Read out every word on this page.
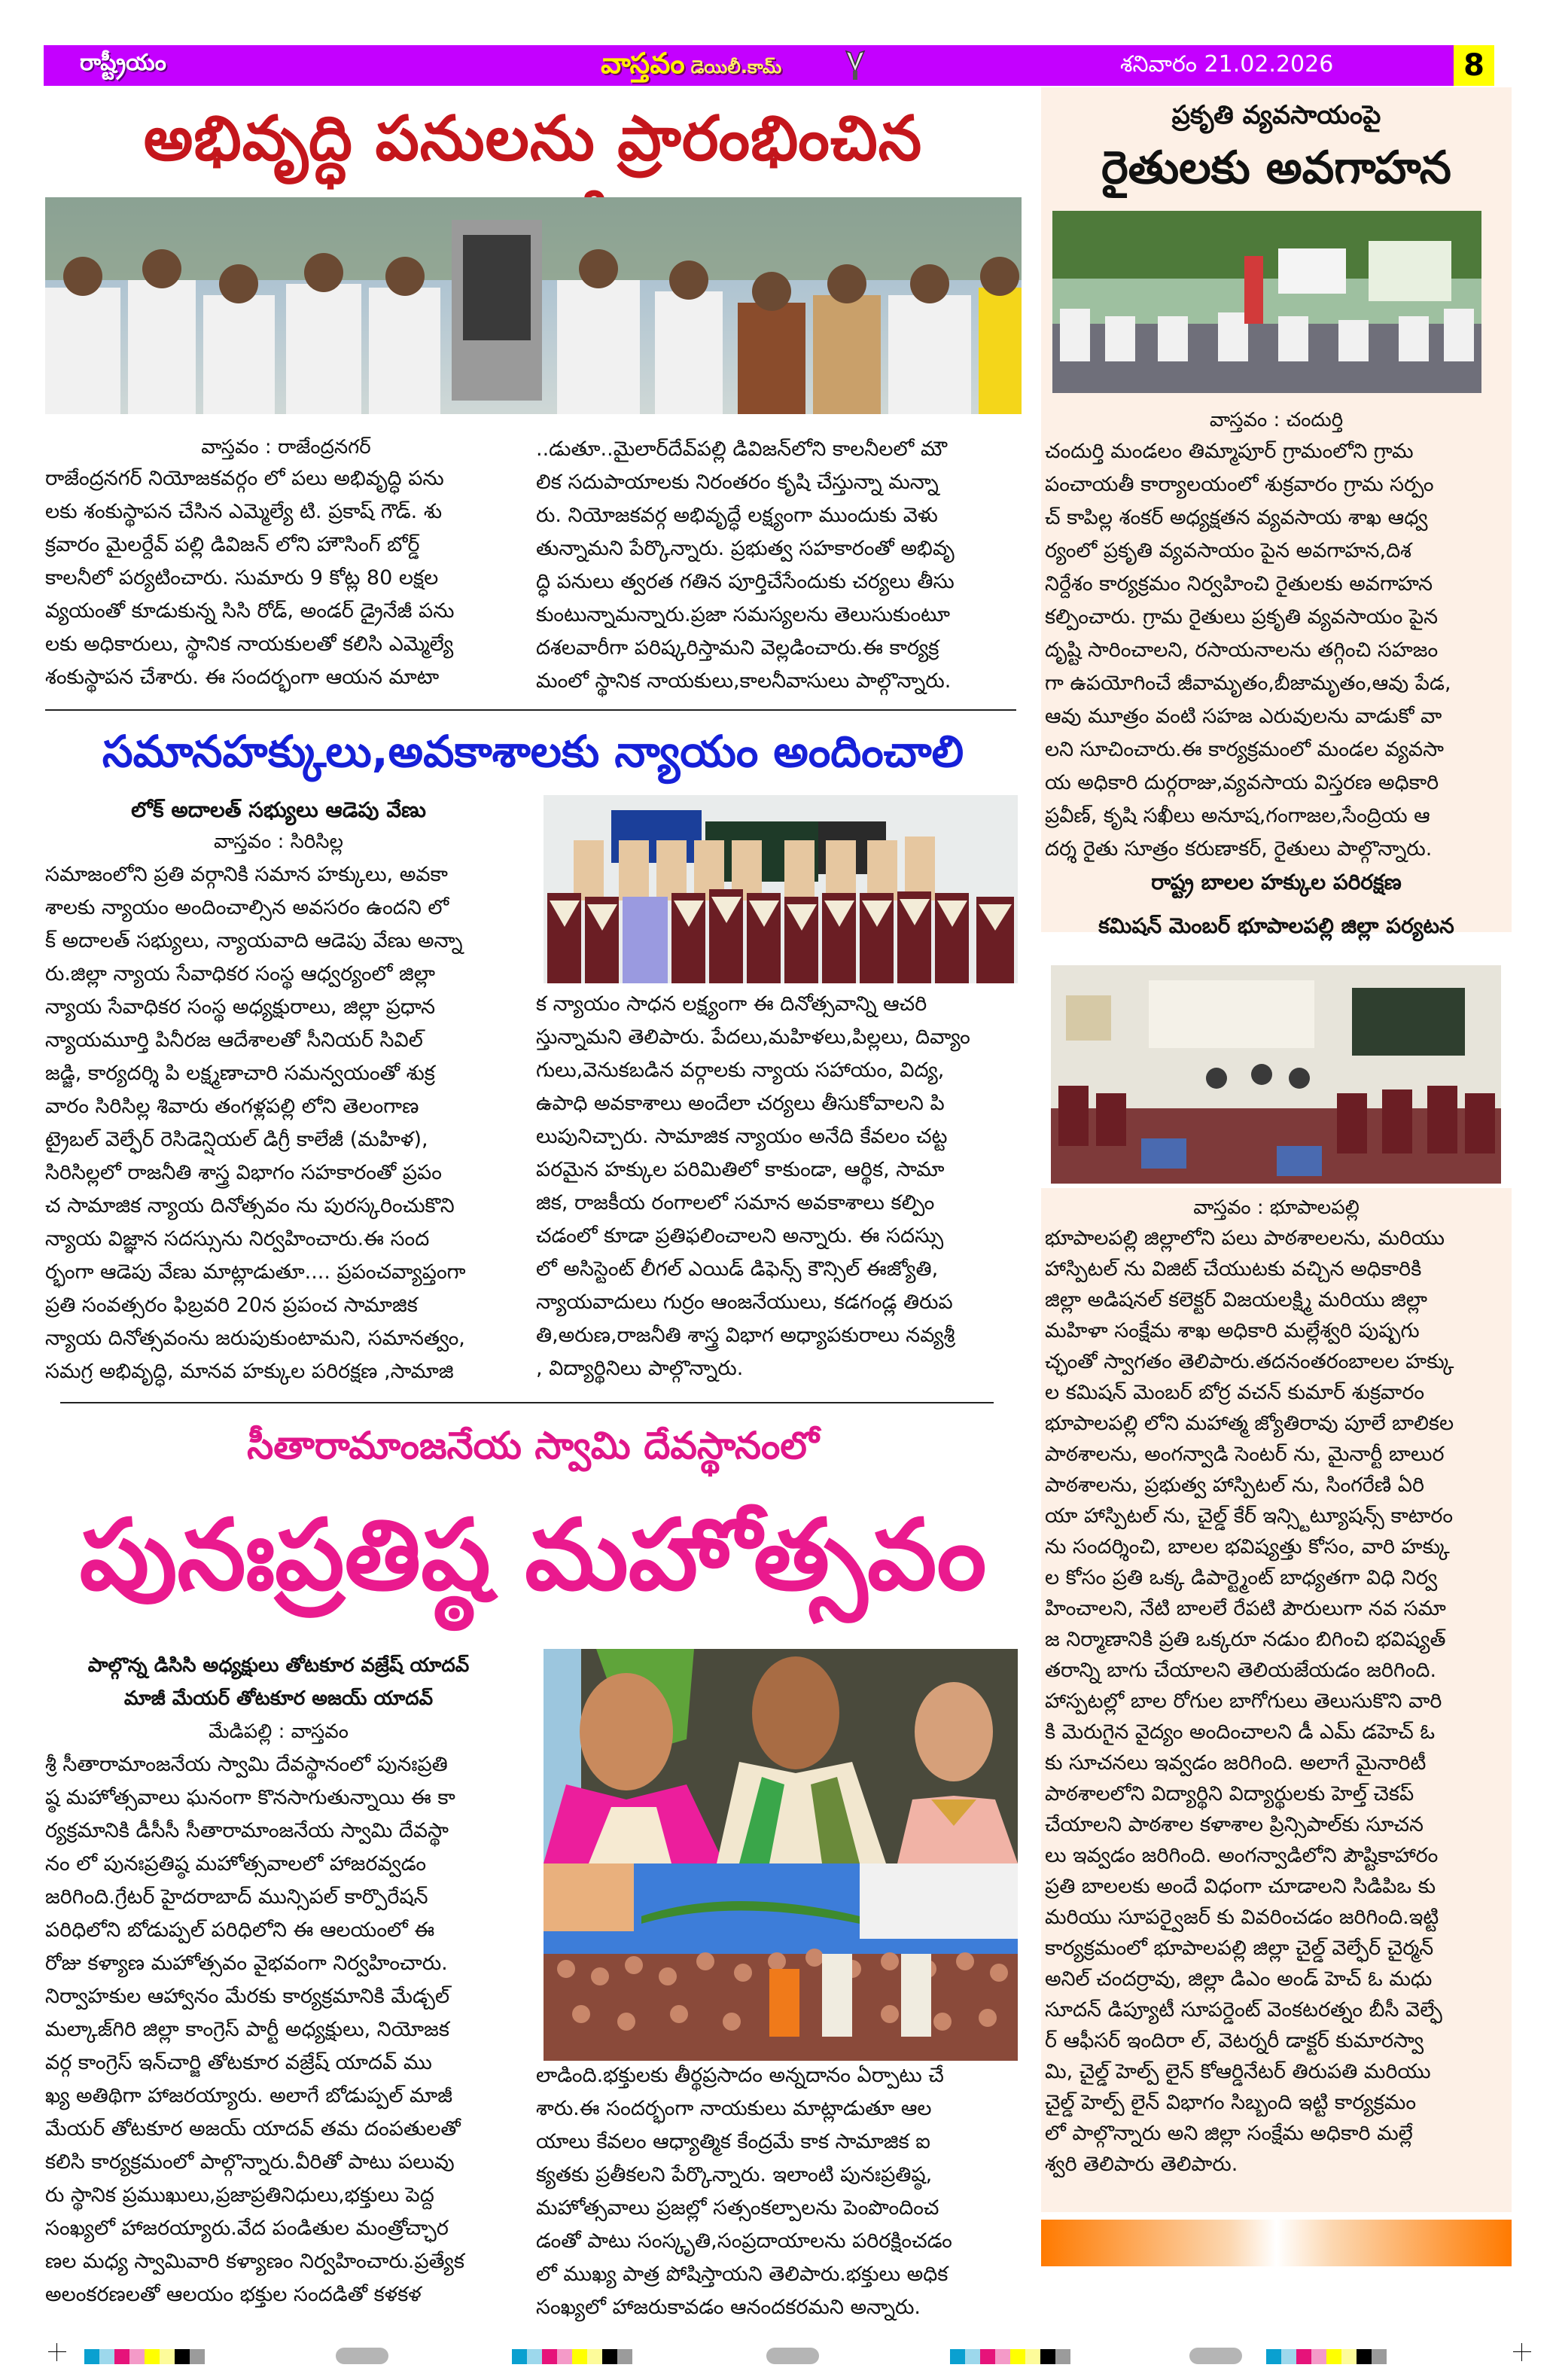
రాష్ట్రీయం	వాస్తవం డెయిలీ.కామ్	శనివారం 21.02.2026	8
అభివృద్ధి పనులను ప్రారంభించిన
వాస్తవం : రాజేంద్రనగర్
రాజేంద్రనగర్ నియోజకవర్గం లో పలు అభివృద్ధి పను
లకు శంకుస్థాపన చేసిన ఎమ్మెల్యే టి. ప్రకాష్ గౌడ్. శు
క్రవారం మైలర్దేవ్ పల్లి డివిజన్ లోని హౌసింగ్ బోర్డ్
కాలనీలో పర్యటించారు. సుమారు 9 కోట్ల 80 లక్షల
వ్యయంతో కూడుకున్న సిసి రోడ్, అండర్ డ్రైనేజీ పను
లకు అధికారులు, స్థానిక నాయకులతో కలిసి ఎమ్మెల్యే
శంకుస్థాపన చేశారు. ఈ సందర్భంగా ఆయన మాటా
..డుతూ..మైలార్‌దేవ్‌పల్లి డివిజన్‌లోని కాలనీలలో మౌ
లిక సదుపాయాలకు నిరంతరం కృషి చేస్తున్నా మన్నా
రు. నియోజకవర్గ అభివృద్ధే లక్ష్యంగా ముందుకు వెళు
తున్నామని పేర్కొన్నారు. ప్రభుత్వ సహకారంతో అభివృ
ద్ధి పనులు త్వరత గతిన పూర్తిచేసేందుకు చర్యలు తీసు
కుంటున్నామన్నారు.ప్రజా సమస్యలను తెలుసుకుంటూ
దశలవారీగా పరిష్కరిస్తామని వెల్లడించారు.ఈ కార్యక్ర
మంలో స్థానిక నాయకులు,కాలనీవాసులు పాల్గొన్నారు.
సమానహక్కులు,అవకాశాలకు న్యాయం అందించాలి
లోక్ అదాలత్ సభ్యులు ఆడెపు వేణు
వాస్తవం : సిరిసిల్ల
సమాజంలోని ప్రతి వర్గానికి సమాన హక్కులు, అవకా
శాలకు న్యాయం అందించాల్సిన అవసరం ఉందని లో
క్ అదాలత్ సభ్యులు, న్యాయవాది ఆడెపు వేణు అన్నా
రు.జిల్లా న్యాయ సేవాధికర సంస్థ ఆధ్వర్యంలో జిల్లా
న్యాయ సేవాధికర సంస్థ అధ్యక్షురాలు, జిల్లా ప్రధాన
న్యాయమూర్తి పినీరజ ఆదేశాలతో సీనియర్ సివిల్
జడ్జి, కార్యదర్శి పి లక్ష్మణాచారి సమన్వయంతో శుక్ర
వారం సిరిసిల్ల శివారు తంగళ్లపల్లి లోని తెలంగాణ
ట్రైబల్ వెల్ఫేర్ రెసిడెన్షియల్ డిగ్రీ కాలేజీ (మహిళ),
సిరిసిల్లలో రాజనీతి శాస్త్ర విభాగం సహకారంతో ప్రపం
చ సామాజిక న్యాయ దినోత్సవం ను పురస్కరించుకొని
న్యాయ విజ్ఞాన సదస్సును నిర్వహించారు.ఈ సంద
ర్భంగా ఆడెపు వేణు మాట్లాడుతూ.... ప్రపంచవ్యాప్తంగా
ప్రతి సంవత్సరం ఫిబ్రవరి 20న ప్రపంచ సామాజిక
న్యాయ దినోత్సవంను జరుపుకుంటామని, సమానత్వం,
సమగ్ర అభివృద్ధి, మానవ హక్కుల పరిరక్షణ ,సామాజి
క న్యాయం సాధన లక్ష్యంగా ఈ దినోత్సవాన్ని ఆచరి
స్తున్నామని తెలిపారు. పేదలు,మహిళలు,పిల్లలు, దివ్యాం
గులు,వెనుకబడిన వర్గాలకు న్యాయ సహాయం, విద్య,
ఉపాధి అవకాశాలు అందేలా చర్యలు తీసుకోవాలని పి
లుపునిచ్చారు. సామాజిక న్యాయం అనేది కేవలం చట్ట
పరమైన హక్కుల పరిమితిలో కాకుండా, ఆర్థిక, సామా
జిక, రాజకీయ రంగాలలో సమాన అవకాశాలు కల్పిం
చడంలో కూడా ప్రతిఫలించాలని అన్నారు. ఈ సదస్సు
లో అసిస్టెంట్ లీగల్ ఎయిడ్ డిఫెన్స్ కౌన్సిల్ ఈజ్యోతి,
న్యాయవాదులు గుర్రం ఆంజనేయులు, కడగండ్ల తిరుప
తి,అరుణ,రాజనీతి శాస్త్ర విభాగ అధ్యాపకురాలు నవ్యశ్రీ
, విద్యార్థినిలు పాల్గొన్నారు.
సీతారామాంజనేయ స్వామి దేవస్థానంలో
పునఃప్రతిష్ఠ మహోత్సవం
పాల్గొన్న డిసిసి అధ్యక్షులు తోటకూర వజ్రేష్ యాదవ్
మాజీ మేయర్ తోటకూర అజయ్ యాదవ్
మేడిపల్లి : వాస్తవం
శ్రీ సీతారామాంజనేయ స్వామి దేవస్థానంలో పునఃప్రతి
ష్ఠ మహోత్సవాలు ఘనంగా కొనసాగుతున్నాయి ఈ కా
ర్యక్రమానికి డీసీసీ సీతారామాంజనేయ స్వామి దేవస్థా
నం లో పునఃప్రతిష్ఠ మహోత్సవాలలో హాజరవ్వడం
జరిగింది.గ్రేటర్ హైదరాబాద్ మున్సిపల్ కార్పొరేషన్
పరిధిలోని బోడుప్పల్ పరిధిలోని ఈ ఆలయంలో ఈ
రోజు కళ్యాణ మహోత్సవం వైభవంగా నిర్వహించారు.
నిర్వాహకుల ఆహ్వానం మేరకు కార్యక్రమానికి మేడ్చల్
మల్కాజ్‌గిరి జిల్లా కాంగ్రెస్ పార్టీ అధ్యక్షులు, నియోజక
వర్గ కాంగ్రెస్ ఇన్‌చార్జి తోటకూర వజ్రేష్ యాదవ్ ము
ఖ్య అతిథిగా హాజరయ్యారు. అలాగే బోడుప్పల్ మాజీ
మేయర్ తోటకూర అజయ్ యాదవ్ తమ దంపతులతో
కలిసి కార్యక్రమంలో పాల్గొన్నారు.వీరితో పాటు పలువు
రు స్థానిక ప్రముఖులు,ప్రజాప్రతినిధులు,భక్తులు పెద్ద
సంఖ్యలో హాజరయ్యారు.వేద పండితుల మంత్రోచ్ఛార
ణల మధ్య స్వామివారి కళ్యాణం నిర్వహించారు.ప్రత్యేక
అలంకరణలతో ఆలయం భక్తుల సందడితో కళకళ
లాడింది.భక్తులకు తీర్థప్రసాదం అన్నదానం ఏర్పాటు చే
శారు.ఈ సందర్భంగా నాయకులు మాట్లాడుతూ ఆల
యాలు కేవలం ఆధ్యాత్మిక కేంద్రమే కాక సామాజిక ఐ
క్యతకు ప్రతీకలని పేర్కొన్నారు. ఇలాంటి పునఃప్రతిష్ఠ,
మహోత్సవాలు ప్రజల్లో సత్సంకల్పాలను పెంపొందించ
డంతో పాటు సంస్కృతి,సంప్రదాయాలను పరిరక్షించడం
లో ముఖ్య పాత్ర పోషిస్తాయని తెలిపారు.భక్తులు అధిక
సంఖ్యలో హాజరుకావడం ఆనందకరమని అన్నారు.
ప్రకృతి వ్యవసాయంపై
రైతులకు అవగాహన
వాస్తవం : చందుర్తి
చందుర్తి మండలం తిమ్మాపూర్ గ్రామంలోని గ్రామ
పంచాయతీ కార్యాలయంలో శుక్రవారం గ్రామ సర్పం
చ్ కాపిల్ల శంకర్ అధ్యక్షతన వ్యవసాయ శాఖ ఆధ్వ
ర్యంలో ప్రకృతి వ్యవసాయం పైన అవగాహన,దిశ
నిర్దేశం కార్యక్రమం నిర్వహించి రైతులకు అవగాహన
కల్పించారు. గ్రామ రైతులు ప్రకృతి వ్యవసాయం పైన
దృష్టి సారించాలని, రసాయనాలను తగ్గించి సహజం
గా ఉపయోగించే జీవామృతం,బీజామృతం,ఆవు పేడ,
ఆవు మూత్రం వంటి సహజ ఎరువులను వాడుకో వా
లని సూచించారు.ఈ కార్యక్రమంలో మండల వ్యవసా
య అధికారి దుర్గరాజు,వ్యవసాయ విస్తరణ అధికారి
ప్రవీణ్, కృషి సఖీలు అనూష,గంగాజల,సేంద్రియ ఆ
దర్శ రైతు సూత్రం కరుణాకర్, రైతులు పాల్గొన్నారు.
రాష్ట్ర బాలల హక్కుల పరిరక్షణ
కమిషన్ మెంబర్ భూపాలపల్లి జిల్లా పర్యటన
వాస్తవం : భూపాలపల్లి
భూపాలపల్లి జిల్లాలోని పలు పాఠశాలలను, మరియు
హాస్పిటల్ ను విజిట్ చేయుటకు వచ్చిన అధికారికి
జిల్లా అడిషనల్ కలెక్టర్ విజయలక్ష్మి మరియు జిల్లా
మహిళా సంక్షేమ శాఖ అధికారి మల్లేశ్వరి పుష్పగు
చ్ఛంతో స్వాగతం తెలిపారు.తదనంతరంబాలల హక్కు
ల కమిషన్ మెంబర్ బోర్ర వచన్ కుమార్ శుక్రవారం
భూపాలపల్లి లోని మహాత్మ జ్యోతిరావు పూలే బాలికల
పాఠశాలను, అంగన్వాడి సెంటర్ ను, మైనార్టీ బాలుర
పాఠశాలను, ప్రభుత్వ హాస్పిటల్ ను, సింగరేణి ఏరి
యా హాస్పిటల్ ను, చైల్డ్ కేర్ ఇన్స్టిట్యూషన్స్ కాటారం
ను సందర్శించి, బాలల భవిష్యత్తు కోసం, వారి హక్కు
ల కోసం ప్రతి ఒక్క డిపార్ట్మెంట్ బాధ్యతగా విధి నిర్వ
హించాలని, నేటి బాలలే రేపటి పౌరులుగా నవ సమా
జ నిర్మాణానికి ప్రతి ఒక్కరూ నడుం బిగించి భవిష్యత్
తరాన్ని బాగు చేయాలని తెలియజేయడం జరిగింది.
హాస్పటల్లో బాల రోగుల బాగోగులు తెలుసుకొని వారి
కి మెరుగైన వైద్యం అందించాలని డీ ఎమ్ డహెచ్ ఓ
కు సూచనలు ఇవ్వడం జరిగింది. అలాగే మైనారిటీ
పాఠశాలలోని విద్యార్థిని విద్యార్థులకు హెల్త్ చెకప్
చేయాలని పాఠశాల కళాశాల ప్రిన్సిపాల్‌కు సూచన
లు ఇవ్వడం జరిగింది. అంగన్వాడిలోని పౌష్టికాహారం
ప్రతి బాలలకు అందే విధంగా చూడాలని సిడిపిఒ కు
మరియు సూపర్వైజర్ కు వివరించడం జరిగింది.ఇట్టి
కార్యక్రమంలో భూపాలపల్లి జిల్లా చైల్డ్ వెల్ఫేర్ చైర్మన్
అనిల్ చందర్రావు, జిల్లా డిఎం అండ్ హెచ్ ఓ మధు
సూదన్ డిప్యూటీ సూపర్డెంట్ వెంకటరత్నం బీసీ వెల్ఫే
ర్ ఆఫీసర్ ఇందిరా ల్, వెటర్నరీ డాక్టర్ కుమారస్వా
మి, చైల్డ్ హెల్ప్ లైన్ కోఆర్డినేటర్ తిరుపతి మరియు
చైల్డ్ హెల్ప్ లైన్ విభాగం సిబ్బంది ఇట్టి కార్యక్రమం
లో పాల్గొన్నారు అని జిల్లా సంక్షేమ అధికారి మల్లే
శ్వరి తెలిపారు తెలిపారు.
